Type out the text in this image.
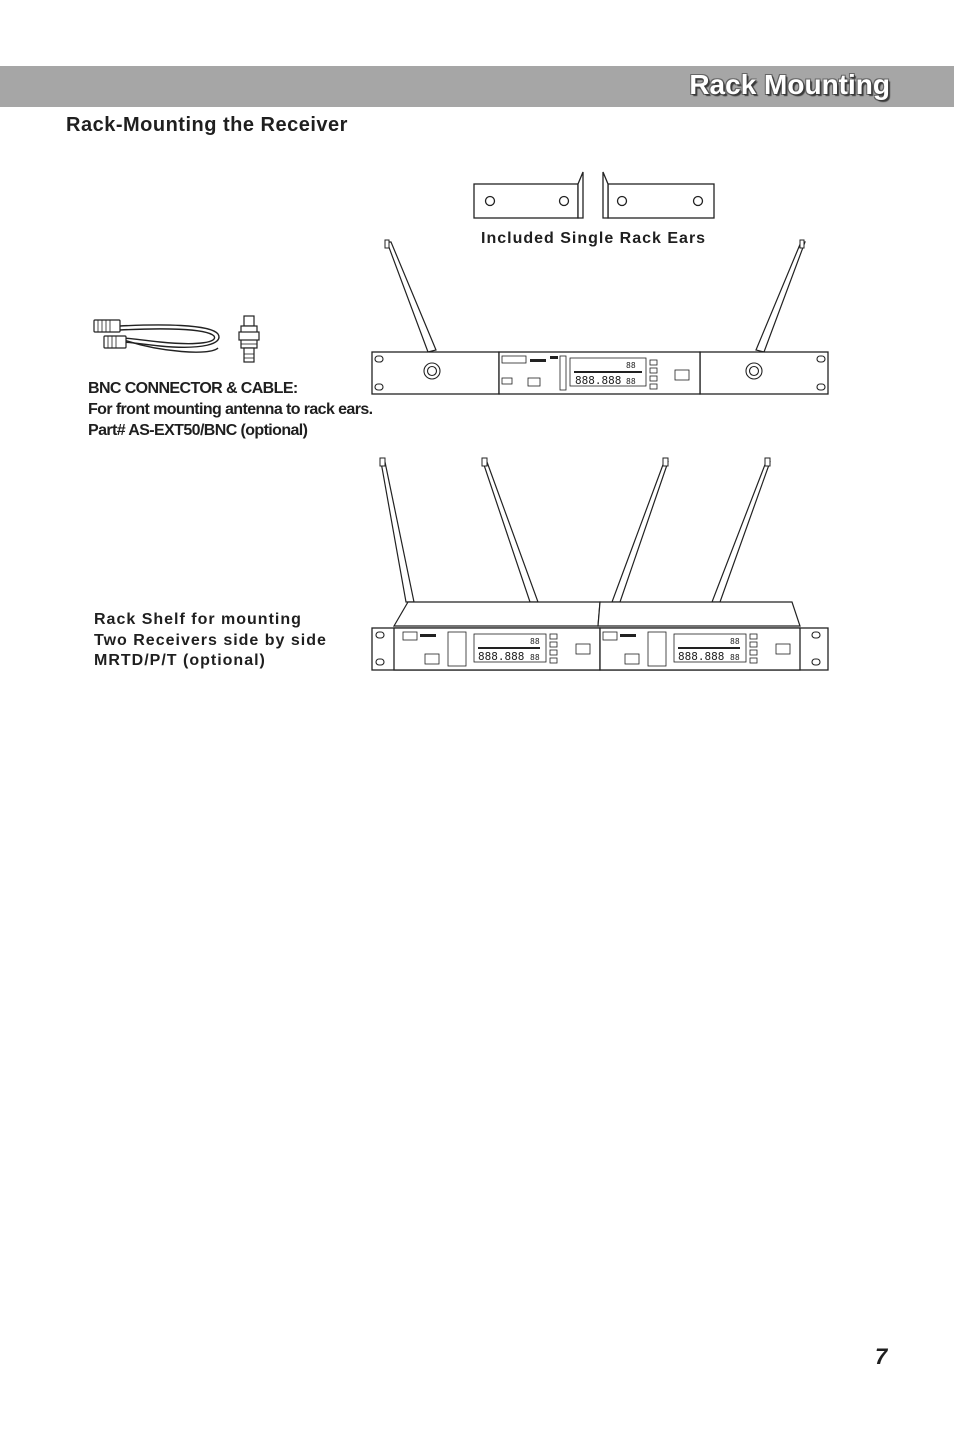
Rack Mounting
Rack-Mounting the Receiver
Included Single Rack Ears
BNC CONNECTOR & CABLE:
For front mounting antenna to rack ears.
Part# AS-EXT50/BNC (optional)
888.888
88
88
888.888
88
88	888.888
88
88
Rack Shelf for mounting
Two Receivers side by side
MRTD/P/T (optional)
7
